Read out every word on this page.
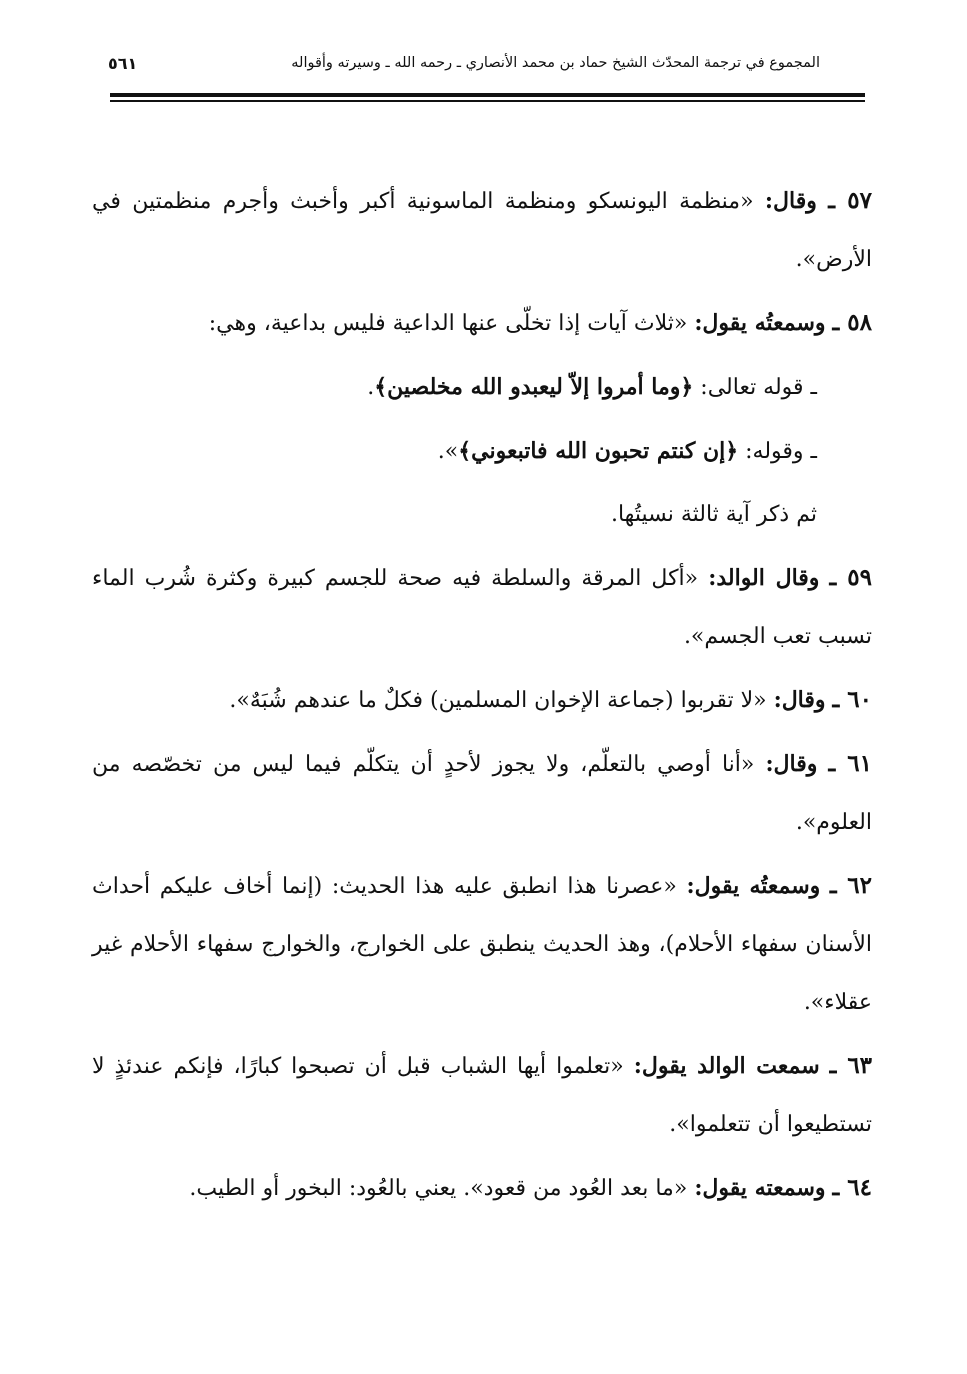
٥٦١	المجموع في ترجمة المحدّث الشيخ حماد بن محمد الأنصاري ـ رحمه الله ـ وسيرته وأقواله

٥٧ ـ وقال: «منظمة اليونسكو ومنظمة الماسونية أكبر وأخبث وأجرم منظمتين في الأرض».

٥٨ ـ وسمعتُه يقول: «ثلاث آيات إذا تخلّى عنها الداعية فليس بداعية، وهي:

ـ قوله تعالى: ﴿وما أمروا إلاّ ليعبدو الله مخلصين﴾.

ـ وقوله: ﴿إن كنتم تحبون الله فاتبعوني﴾».

ثم ذكر آية ثالثة نسيتُها.

٥٩ ـ وقال الوالد: «أكل المرقة والسلطة فيه صحة للجسم كبيرة وكثرة شُرب الماء تسبب تعب الجسم».

٦٠ ـ وقال: «لا تقربوا (جماعة الإخوان المسلمين) فكلٌ ما عندهم شُبَهٌ».

٦١ ـ وقال: «أنا أوصي بالتعلّم، ولا يجوز لأحدٍ أن يتكلّم فيما ليس من تخصّصه من العلوم».

٦٢ ـ وسمعتُه يقول: «عصرنا هذا انطبق عليه هذا الحديث: (إنما أخاف عليكم أحداث الأسنان سفهاء الأحلام)، وهذ الحديث ينطبق على الخوارج، والخوارج سفهاء الأحلام غير عقلاء».

٦٣ ـ سمعت الوالد يقول: «تعلموا أيها الشباب قبل أن تصبحوا كبارًا، فإنكم عندئذٍ لا تستطيعوا أن تتعلموا».

٦٤ ـ وسمعته يقول: «ما بعد العُود من قعود». يعني بالعُود: البخور أو الطيب.
